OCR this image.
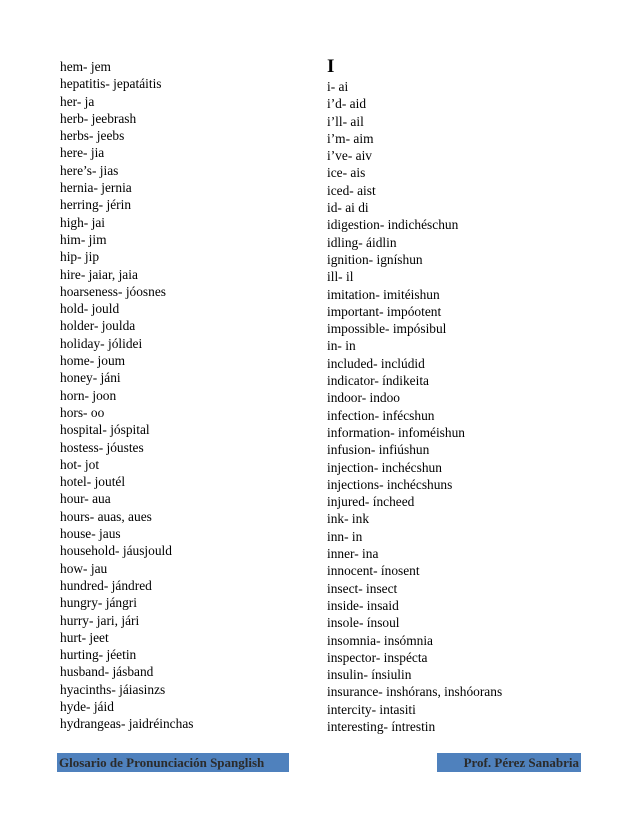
hem- jem
hepatitis- jepatáitis
her- ja
herb- jeebrash
herbs- jeebs
here- jia
here’s- jias
hernia- jernia
herring- jérin
high- jai
him- jim
hip- jip
hire- jaiar, jaia
hoarseness- jóosnes
hold- jould
holder- joulda
holiday- jólidei
home- joum
honey- jáni
horn- joon
hors- oo
hospital- jóspital
hostess- jóustes
hot- jot
hotel- joutél
hour- aua
hours- auas, aues
house- jaus
household- jáusjould
how- jau
hundred- jándred
hungry- jángri
hurry- jari, jári
hurt- jeet
hurting- jéetin
husband- jásband
hyacinths- jáiasinzs
hyde- jáid
hydrangeas- jaidréinchas
I
i- ai
i’d- aid
i’ll- ail
i’m- aim
i’ve- aiv
ice- ais
iced- aist
id- ai di
idigestion- indichéschun
idling- áidlin
ignition- igníshun
ill- il
imitation- imitéishun
important- impóotent
impossible- impósibul
in- in
included- inclúdid
indicator- índikeita
indoor- indoo
infection- infécshun
information- infoméishun
infusion- infiúshun
injection- inchécshun
injections- inchécshuns
injured- íncheed
ink- ink
inn- in
inner- ina
innocent- ínosent
insect- insect
inside- insaid
insole- ínsoul
insomnia- insómnia
inspector- inspécta
insulin- ínsiulin
insurance- inshórans, inshóorans
intercity- intasiti
interesting- íntrestin
Glosario de Pronunciación Spanglish	Prof. Pérez Sanabria
